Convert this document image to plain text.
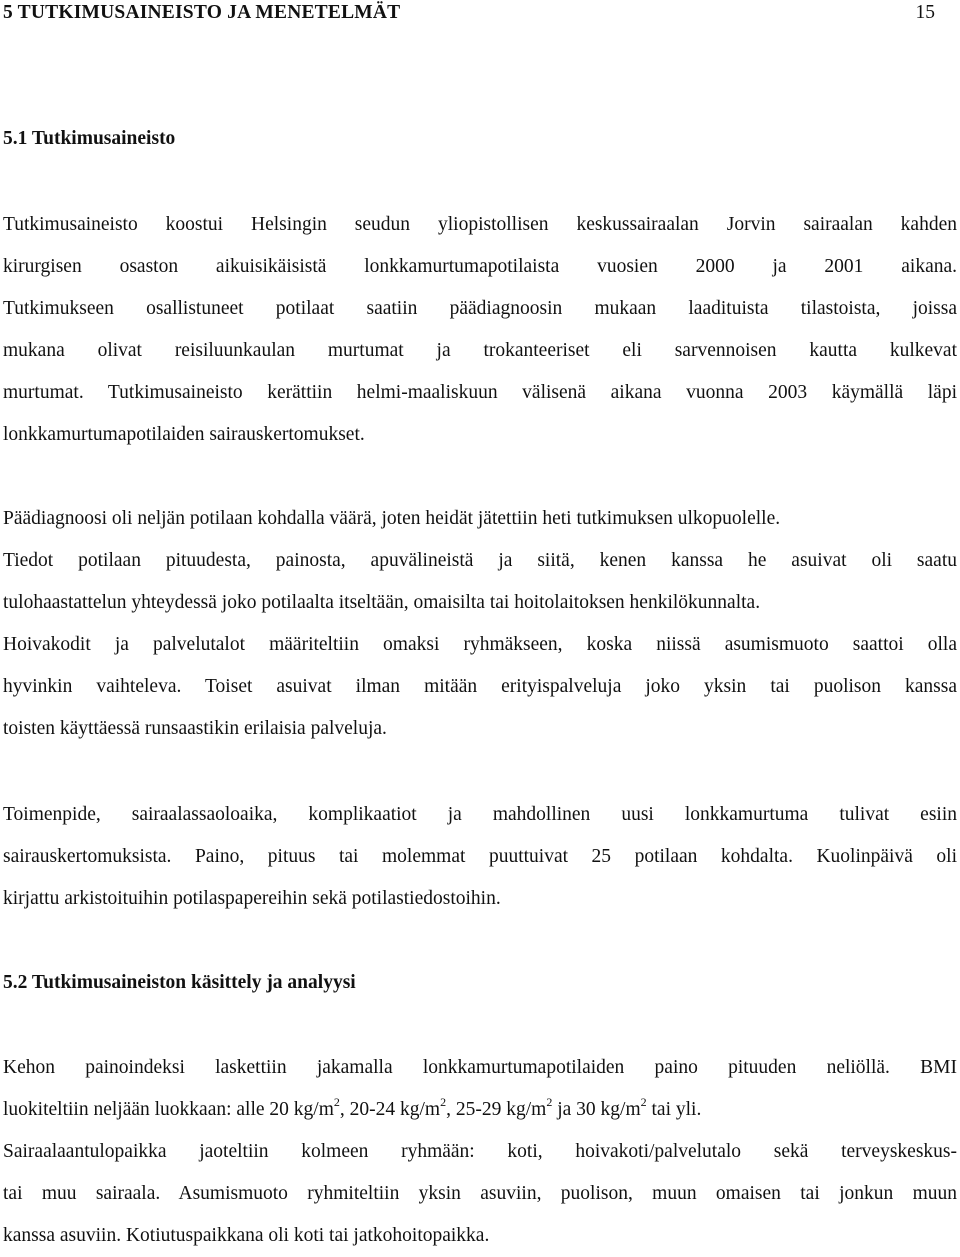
5 TUTKIMUSAINEISTO JA MENETELMÄT	15
5.1 Tutkimusaineisto
Tutkimusaineisto koostui Helsingin seudun yliopistollisen keskussairaalan Jorvin sairaalan kahden
kirurgisen osaston aikuisikäisistä lonkkamurtumapotilaista vuosien 2000 ja 2001 aikana.
Tutkimukseen osallistuneet potilaat saatiin päädiagnoosin mukaan laadituista tilastoista, joissa
mukana olivat reisiluunkaulan murtumat ja trokanteeriset eli sarvennoisen kautta kulkevat
murtumat. Tutkimusaineisto kerättiin helmi-maaliskuun välisenä aikana vuonna 2003 käymällä läpi
lonkkamurtumapotilaiden sairauskertomukset.
Päädiagnoosi oli neljän potilaan kohdalla väärä, joten heidät jätettiin heti tutkimuksen ulkopuolelle.
Tiedot potilaan pituudesta, painosta, apuvälineistä ja siitä, kenen kanssa he asuivat oli saatu
tulohaastattelun yhteydessä joko potilaalta itseltään, omaisilta tai hoitolaitoksen henkilökunnalta.
Hoivakodit ja palvelutalot määriteltiin omaksi ryhmäkseen, koska niissä asumismuoto saattoi olla
hyvinkin vaihteleva. Toiset asuivat ilman mitään erityispalveluja joko yksin tai puolison kanssa
toisten käyttäessä runsaastikin erilaisia palveluja.
Toimenpide, sairaalassaoloaika, komplikaatiot ja mahdollinen uusi lonkkamurtuma tulivat esiin
sairauskertomuksista. Paino, pituus tai molemmat puuttuivat 25 potilaan kohdalta. Kuolinpäivä oli
kirjattu arkistoituihin potilaspapereihin sekä potilastiedostoihin.
5.2 Tutkimusaineiston käsittely ja analyysi
Kehon painoindeksi laskettiin jakamalla lonkkamurtumapotilaiden paino pituuden neliöllä. BMI
luokiteltiin neljään luokkaan: alle 20 $kg/m^2$, 20-24 $kg/m^2$, 25-29 $kg/m^2$ ja 30 $kg/m^2$ tai yli.
Sairaalaantulopaikka jaoteltiin kolmeen ryhmään: koti, hoivakoti/palvelutalo sekä terveyskeskus-
tai muu sairaala. Asumismuoto ryhmiteltiin yksin asuviin, puolison, muun omaisen tai jonkun muun
kanssa asuviin. Kotiutuspaikkana oli koti tai jatkohoitopaikka.
